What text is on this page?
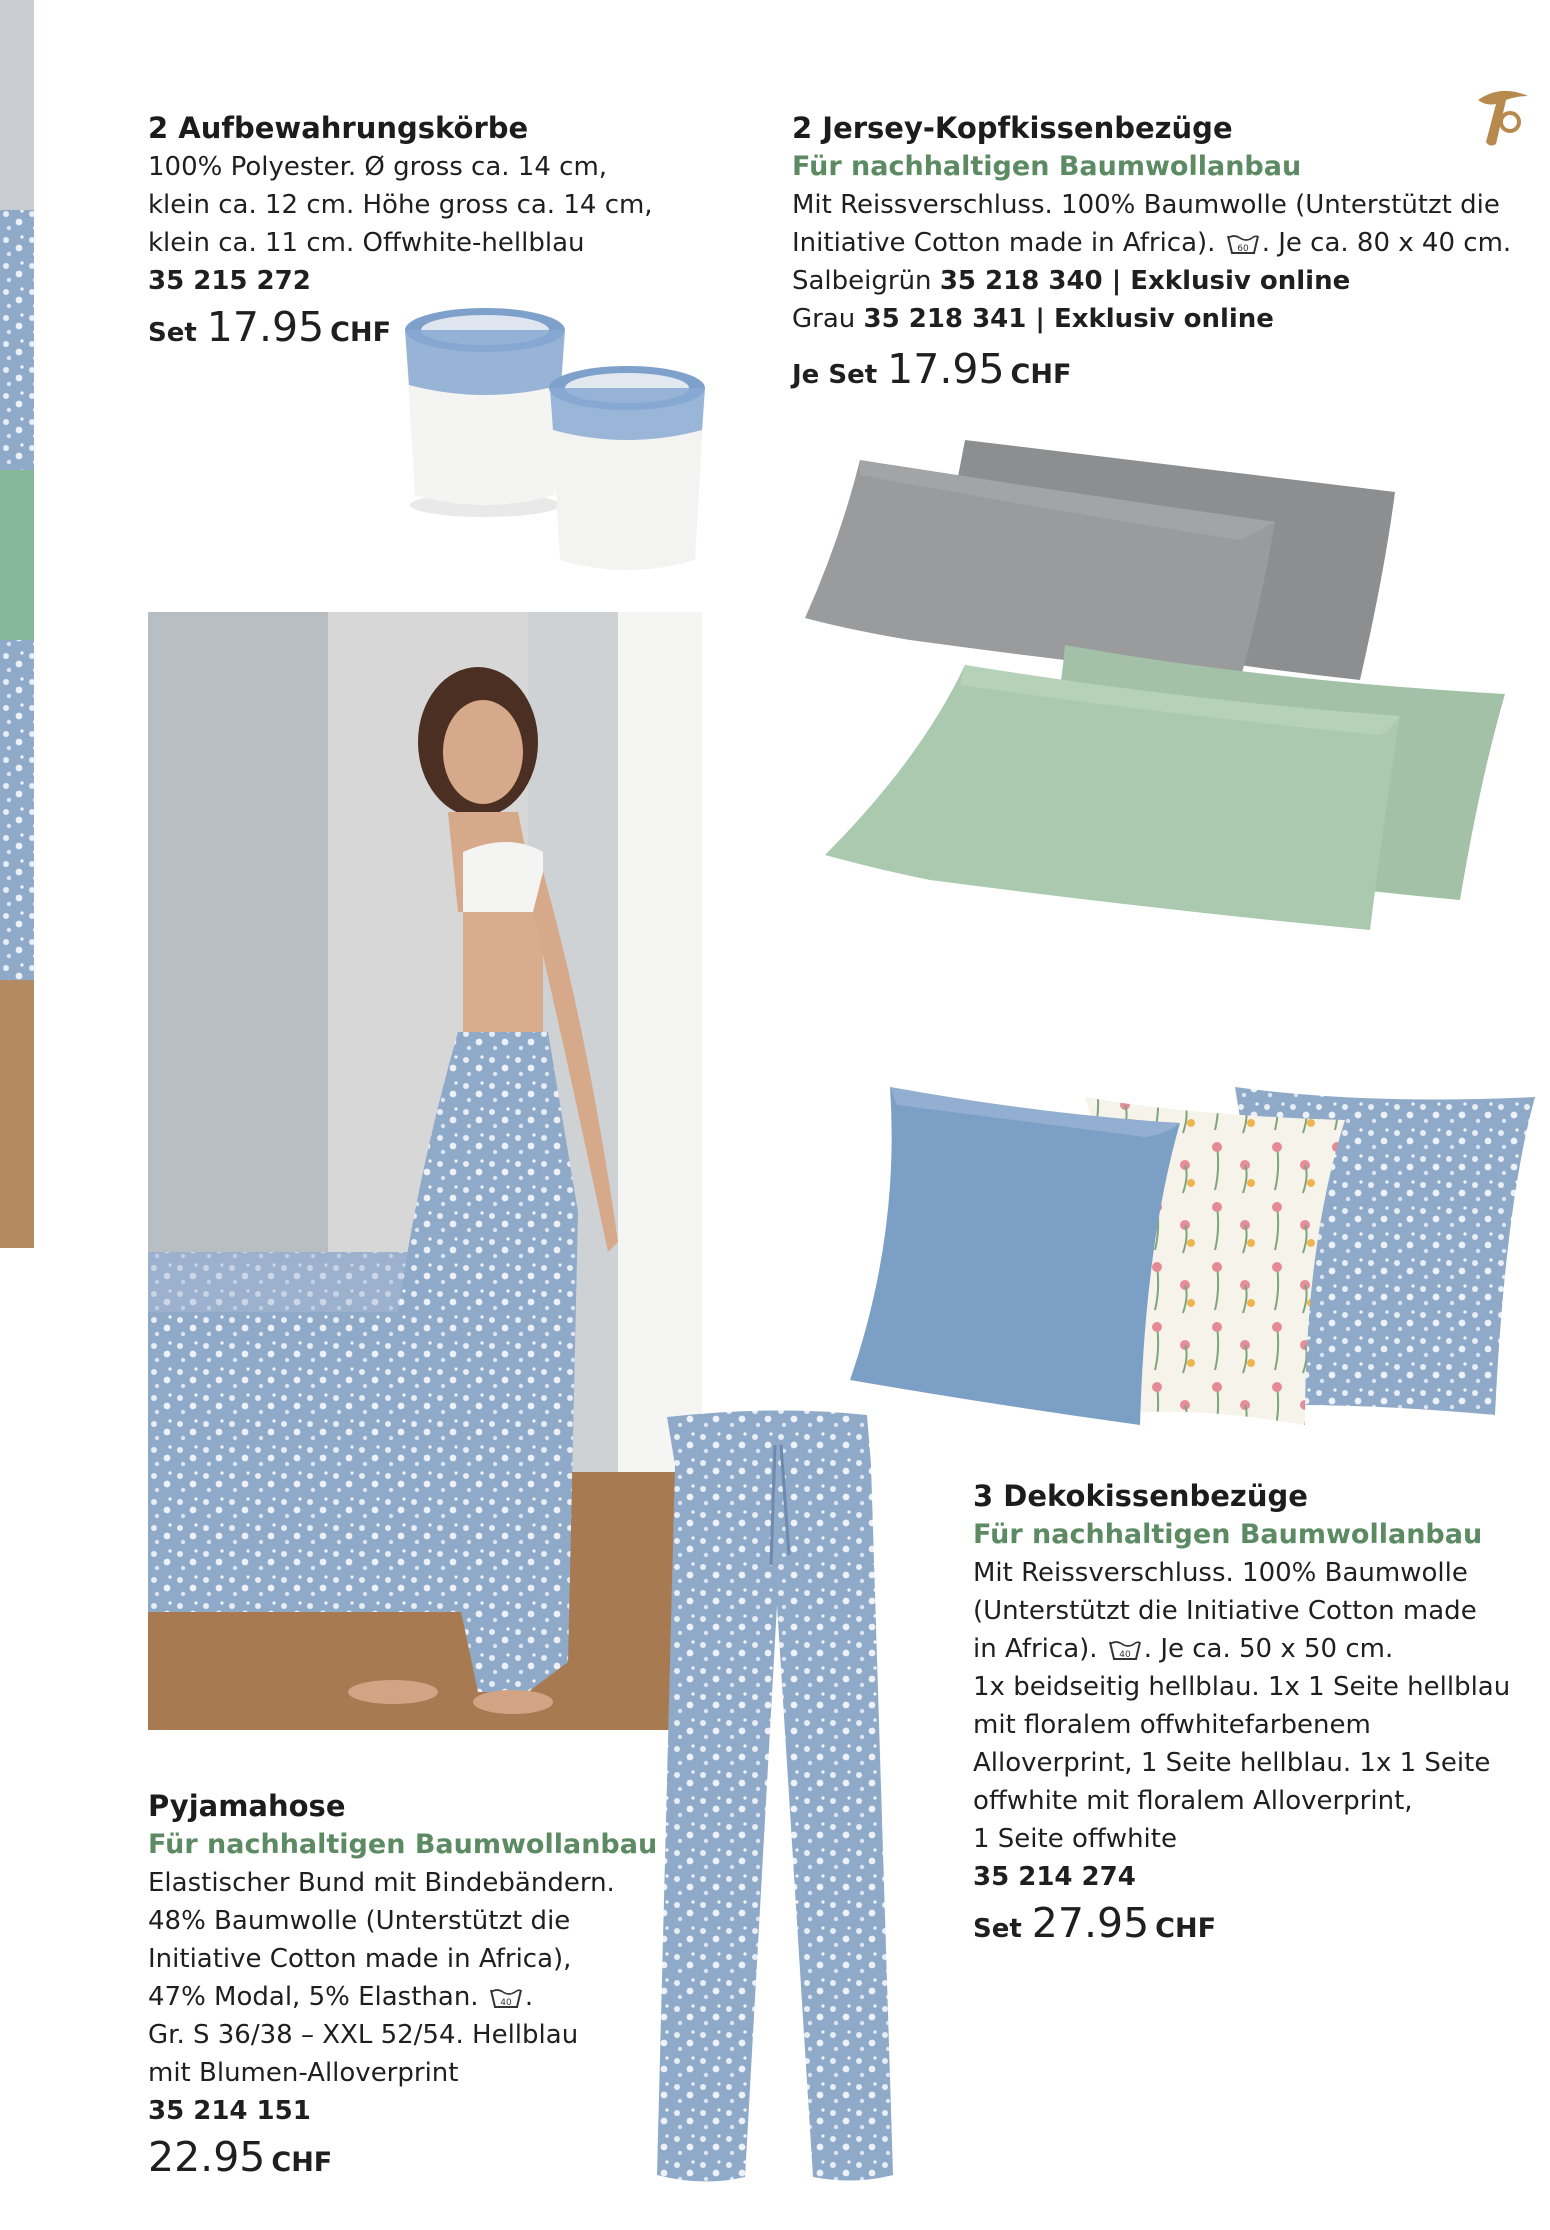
2 Aufbewahrungskörbe
100% Polyester. Ø gross ca. 14 cm,
klein ca. 12 cm. Höhe gross ca. 14 cm,
klein ca. 11 cm. Offwhite-hellblau
35 215 272
Set 17.95 CHF
2 Jersey-Kopfkissenbezüge
Für nachhaltigen Baumwollanbau
Mit Reissverschluss. 100% Baumwolle (Unterstützt die
Initiative Cotton made in Africa). 60 . Je ca. 80 x 40 cm.
Salbeigrün 35 218 340 | Exklusiv online
Grau 35 218 341 | Exklusiv online
Je Set 17.95 CHF
Pyjamahose
Für nachhaltigen Baumwollanbau
Elastischer Bund mit Bindebändern.
48% Baumwolle (Unterstützt die
Initiative Cotton made in Africa),
47% Modal, 5% Elasthan. 40 .
Gr. S 36/38 – XXL 52/54. Hellblau
mit Blumen-Alloverprint
35 214 151
22.95 CHF
3 Dekokissenbezüge
Für nachhaltigen Baumwollanbau
Mit Reissverschluss. 100% Baumwolle
(Unterstützt die Initiative Cotton made
in Africa). 40 . Je ca. 50 x 50 cm.
1x beidseitig hellblau. 1x 1 Seite hellblau
mit floralem offwhitefarbenem
Alloverprint, 1 Seite hellblau. 1x 1 Seite
offwhite mit floralem Alloverprint,
1 Seite offwhite
35 214 274
Set 27.95 CHF
